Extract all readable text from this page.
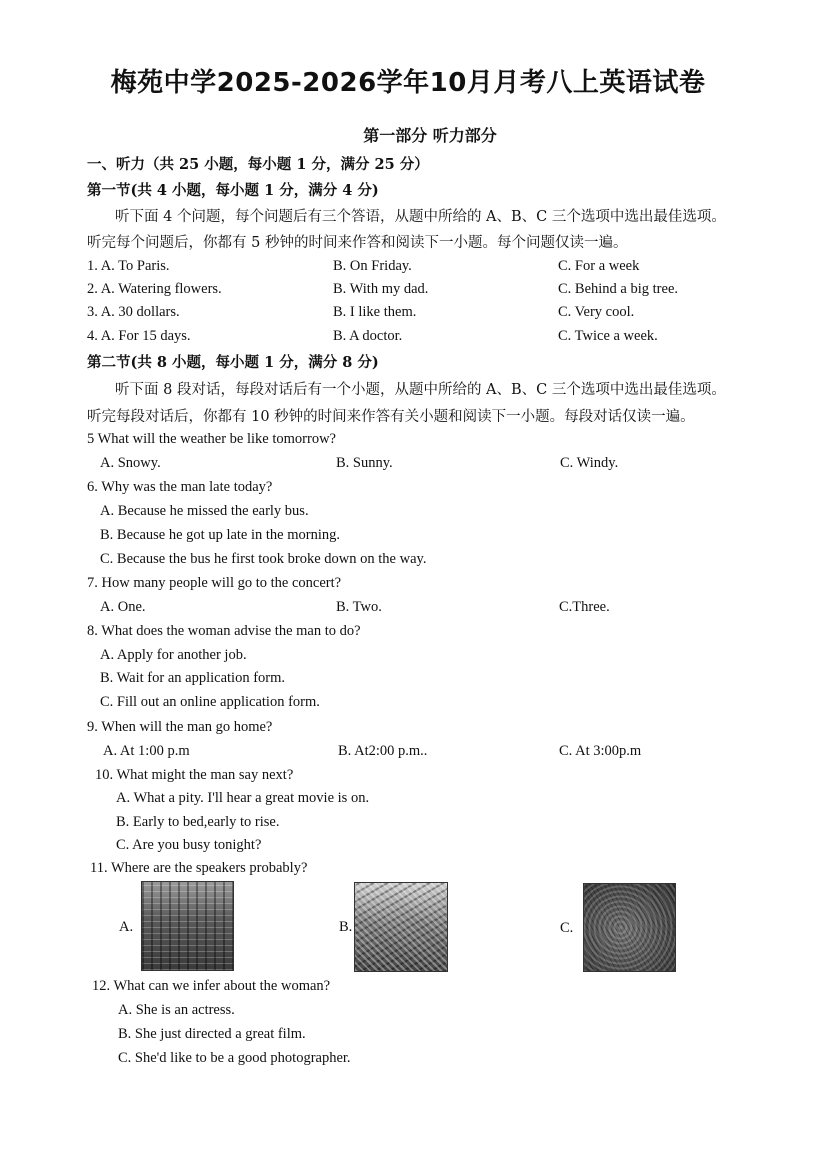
梅苑中学2025-2026学年10月月考八上英语试卷
第一部分 听力部分
一、听力（共 25 小题，每小题 1 分，满分 25 分）
第一节(共 4 小题，每小题 1 分，满分 4 分)
听下面 4 个问题，每个问题后有三个答语，从题中所给的 A、B、C 三个选项中选出最佳选项。
听完每个问题后，你都有 5 秒钟的时间来作答和阅读下一小题。每个问题仅读一遍。
1. A. To Paris.	B. On Friday.	C. For a week
2. A. Watering flowers.	B. With my dad.	C. Behind a big tree.
3. A. 30 dollars.	B. I like them.	C. Very cool.
4. A. For 15 days.	B. A doctor.	C. Twice a week.
第二节(共 8 小题，每小题 1 分，满分 8 分)
听下面 8 段对话，每段对话后有一个小题，从题中所给的 A、B、C 三个选项中选出最佳选项。
听完每段对话后，你都有 10 秒钟的时间来作答有关小题和阅读下一小题。每段对话仅读一遍。
5 What will the weather be like tomorrow?
A. Snowy.	B. Sunny.	C. Windy.
6. Why was the man late today?
A. Because he missed the early bus.
B. Because he got up late in the morning.
C. Because the bus he first took broke down on the way.
7. How many people will go to the concert?
A. One.	B. Two.	C.Three.
8. What does the woman advise the man to do?
A. Apply for another job.
B. Wait for an application form.
C. Fill out an online application form.
9. When will the man go home?
A. At 1:00 p.m	B. At2:00 p.m..	C. At 3:00p.m
10. What might the man say next?
A. What a pity. I'll hear a great movie is on.
B. Early to bed,early to rise.
C. Are you busy tonight?
11. Where are the speakers probably?
A.	B.	C.
12. What can we infer about the woman?
A. She is an actress.
B. She just directed a great film.
C. She'd like to be a good photographer.
